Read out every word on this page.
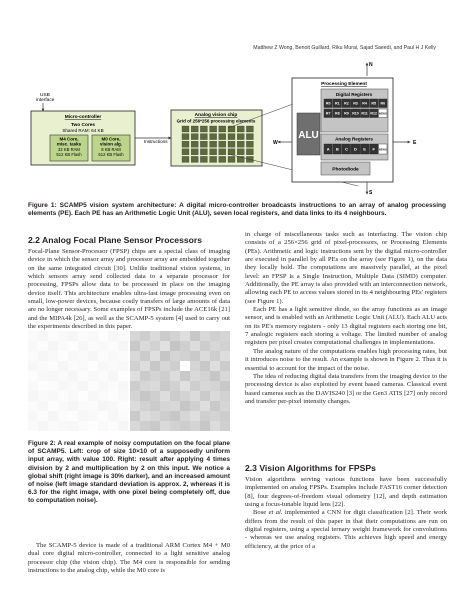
Matthew Z Wong, Benoit Guillard, Riku Murai, Sajad Saeedi, and Paul H J Kelly
USB
interface
Micro-controller
Two Cores
Shared RAM: 64 KB
M4 Core,
misc. tasks
32 KB RAM
512 KB Flash
M0 Core,
vision alg.
8 KB RAM
512 KB Flash
Instructions
Analog vision chip
Grid of 256*256 processing elements
Processing Element
Digital Registers
R0 R1 R2 R3 R4 R5 R6
R7 R8 R9 R10 R11 R12 NEWS
ALU	Analog Registers
A B C D E F NEWS
Photodiode
N
S
W	E
Figure 1: SCAMP5 vision system architecture: A digital micro-controller broadcasts instructions to an array of analog processing elements (PE). Each PE has an Arithmetic Logic Unit (ALU), seven local registers, and data links to its 4 neighbours.
2.2 Analog Focal Plane Sensor Processors

Focal-Plane Sensor-Processor (FPSP) chips are a special class of imaging device in which the sensor array and processor array are embedded together on the same integrated circuit [30]. Unlike traditional vision systems, in which sensors array send collected data to a separate processor for processing, FPSPs allow data to be processed in place on the imaging device itself. This architecture enables ultra-fast image processing even on small, low-power devices, because costly transfers of large amounts of data are no longer necessary. Some examples of FPSPs include the ACE16k [21] and the MIPA4k [26], as well as the SCAMP-5 system [4] used to carry out the experiments described in this paper.

Figure 2: A real example of noisy computation on the focal plane of SCAMP5. Left: crop of size 10×10 of a supposedly uniform input array, with value 100. Right: result after applying 4 times division by 2 and multiplication by 2 on this input. We notice a global shift (right image is 30% darker), and an increased amount of noise (left image standard deviation is approx. 2, whereas it is 6.3 for the right image, with one pixel being completely off, due to computation noise).

The SCAMP-5 device is made of a traditional ARM Cortex M4 + M0 dual core digital micro-controller, connected to a light sensitive analog processor chip (the vision chip). The M4 core is responsible for sending instructions to the analog chip, while the M0 core is

in charge of miscellaneous tasks such as interfacing. The vision chip consists of a 256×256 grid of pixel-processors, or Processing Elements (PEs). Arithmetic and logic instructions sent by the digital micro-controller are executed in parallel by all PEs on the array (see Figure 1), on the data they locally hold. The computations are massively parallel, at the pixel level: an FPSP is a Single Instruction, Multiple Data (SIMD) computer. Additionally, the PE array is also provided with an interconnection network, allowing each PE to access values stored in its 4 neighbouring PEs' registers (see Figure 1).

Each PE has a light sensitive diode, so the array functions as an image sensor, and is enabled with an Arithmetic Logic Unit (ALU). Each ALU acts on its PE's memory registers - only 13 digital registers each storing one bit, 7 analogic registers each storing a voltage. The limited number of analog registers per pixel creates computational challenges in implementations.

The analog nature of the computations enables high processing rates, but it introduces noise to the result. An example is shown in Figure 2. Thus it is essential to account for the impact of the noise.

The idea of reducing digital data transfers from the imaging device to the processing device is also exploited by event based cameras. Classical event based cameras such as the DAVIS240 [3] or the Gen3 ATIS [27] only record and transfer per-pixel intensity changes.

2.3 Vision Algorithms for FPSPs

Vision algorithms serving various functions have been successfully implemented on analog FPSPs. Examples include FAST16 corner detection [8], four degrees-of-freedom visual odometry [12], and depth estimation using a focus-tunable liquid lens [22].

Bose et al. implemented a CNN for digit classification [2]. Their work differs from the result of this paper in that their computations are run on digital registers, using a special ternary weight framework for convolutions - whereas we use analog registers. This achieves high speed and energy efficiency, at the price of a
